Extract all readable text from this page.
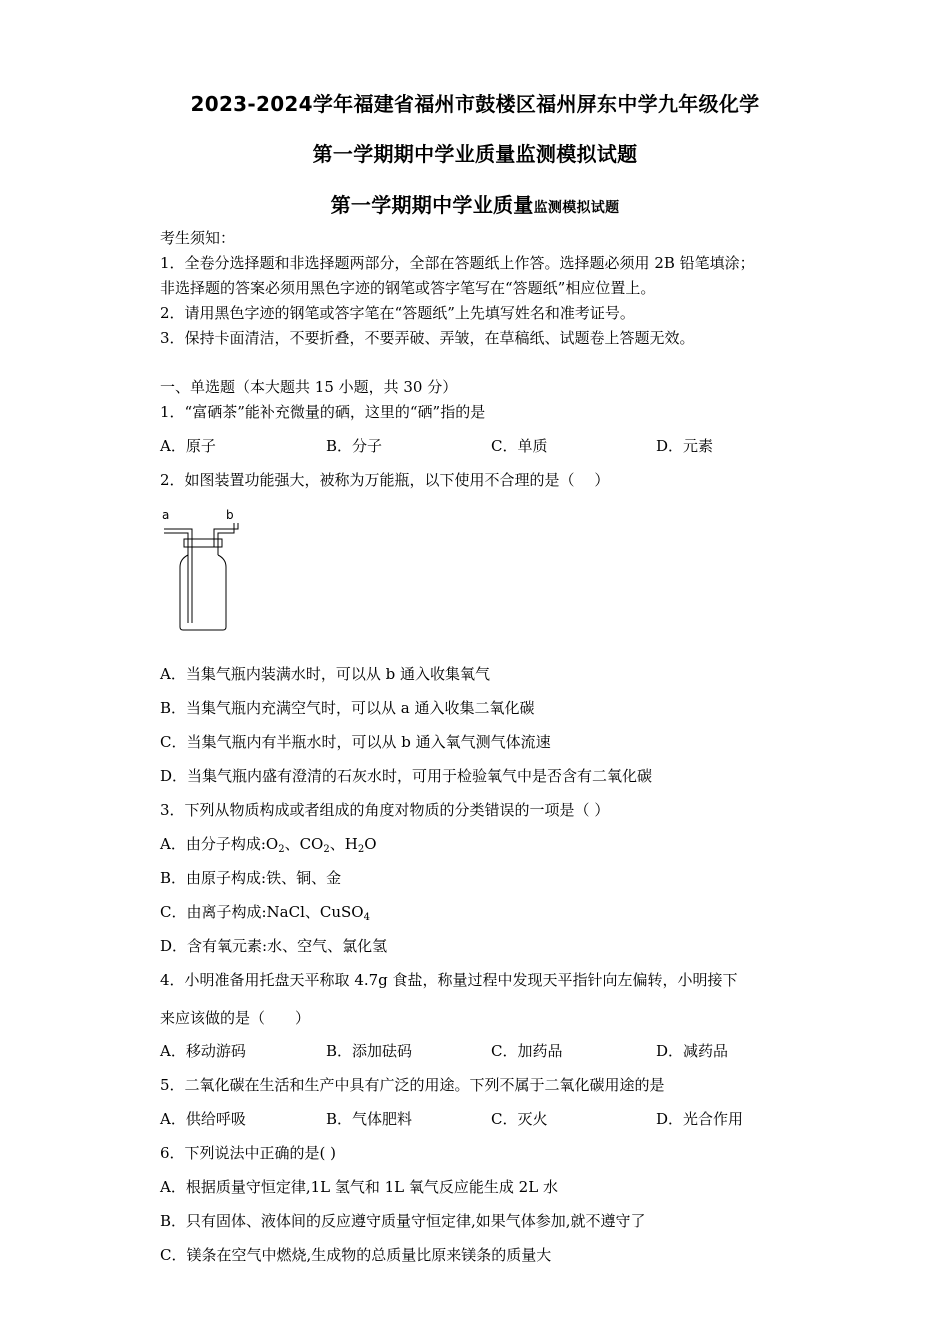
2023-2024学年福建省福州市鼓楼区福州屏东中学九年级化学
第一学期期中学业质量监测模拟试题
第一学期期中学业质量监测模拟试题
考生须知：
1．全卷分选择题和非选择题两部分，全部在答题纸上作答。选择题必须用 2B 铅笔填涂；
非选择题的答案必须用黑色字迹的钢笔或答字笔写在“答题纸”相应位置上。
2．请用黑色字迹的钢笔或答字笔在“答题纸”上先填写姓名和准考证号。
3．保持卡面清洁，不要折叠，不要弄破、弄皱，在草稿纸、试题卷上答题无效。
一、单选题（本大题共 15 小题，共 30 分）
1．“富硒茶”能补充微量的硒，这里的“硒”指的是
A．原子	B．分子	C．单质	D．元素
2．如图装置功能强大，被称为万能瓶，以下使用不合理的是（　 ）
a	b
A．当集气瓶内装满水时，可以从 b 通入收集氧气
B．当集气瓶内充满空气时，可以从 a 通入收集二氧化碳
C．当集气瓶内有半瓶水时，可以从 b 通入氧气测气体流速
D．当集气瓶内盛有澄清的石灰水时，可用于检验氧气中是否含有二氧化碳
3．下列从物质构成或者组成的角度对物质的分类错误的一项是（ ）
A．由分子构成$:O_2$、$CO_2$、$H_2O$
B．由原子构成:铁、铜、金
C．由离子构成:NaCl、CuSO$_4$
D．含有氧元素:水、空气、氯化氢
4．小明准备用托盘天平称取 4.7g 食盐，称量过程中发现天平指针向左偏转，小明接下
来应该做的是（　　）
A．移动游码	B．添加砝码	C．加药品	D．减药品
5．二氧化碳在生活和生产中具有广泛的用途。下列不属于二氧化碳用途的是
A．供给呼吸	B．气体肥料	C．灭火	D．光合作用
6．下列说法中正确的是( )
A．根据质量守恒定律,1L 氢气和 1L 氧气反应能生成 2L 水
B．只有固体、液体间的反应遵守质量守恒定律,如果气体参加,就不遵守了
C．镁条在空气中燃烧,生成物的总质量比原来镁条的质量大
